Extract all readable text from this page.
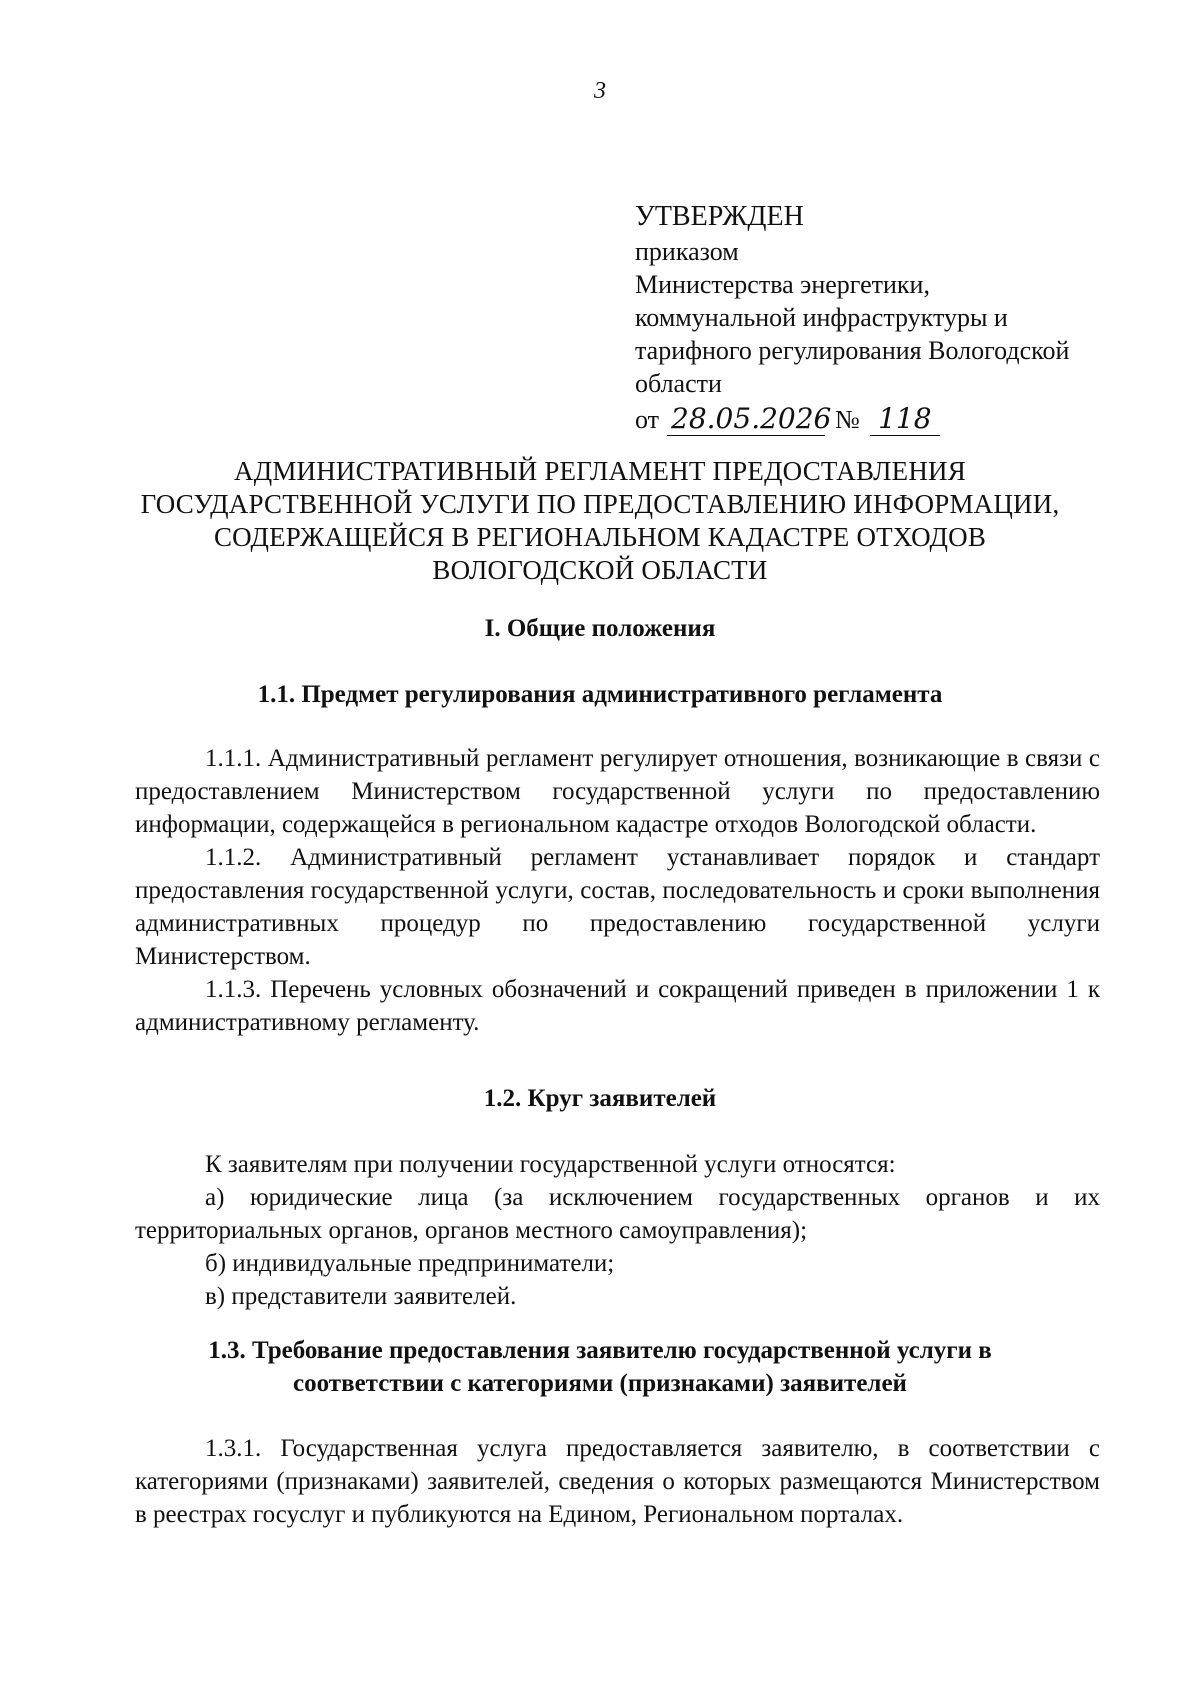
3
УТВЕРЖДЕН
приказом
Министерства энергетики,
коммунальной инфраструктуры и
тарифного регулирования Вологодской
области
от 28.05.2026 № 118
АДМИНИСТРАТИВНЫЙ РЕГЛАМЕНТ ПРЕДОСТАВЛЕНИЯ
ГОСУДАРСТВЕННОЙ УСЛУГИ ПО ПРЕДОСТАВЛЕНИЮ ИНФОРМАЦИИ,
СОДЕРЖАЩЕЙСЯ В РЕГИОНАЛЬНОМ КАДАСТРЕ ОТХОДОВ
ВОЛОГОДСКОЙ ОБЛАСТИ
I. Общие положения
1.1. Предмет регулирования административного регламента

1.1.1. Административный регламент регулирует отношения, возникающие в связи с предоставлением Министерством государственной услуги по предоставлению информации, содержащейся в региональном кадастре отходов Вологодской области.

1.1.2. Административный регламент устанавливает порядок и стандарт предоставления государственной услуги, состав, последовательность и сроки выполнения административных процедур по предоставлению государственной услуги Министерством.

1.1.3. Перечень условных обозначений и сокращений приведен в приложении 1 к административному регламенту.

1.2. Круг заявителей

К заявителям при получении государственной услуги относятся:

а) юридические лица (за исключением государственных органов и их территориальных органов, органов местного самоуправления);

б) индивидуальные предприниматели;

в) представители заявителей.

1.3. Требование предоставления заявителю государственной услуги в
соответствии с категориями (признаками) заявителей

1.3.1. Государственная услуга предоставляется заявителю, в соответствии с категориями (признаками) заявителей, сведения о которых размещаются Министерством в реестрах госуслуг и публикуются на Едином, Региональном порталах.
